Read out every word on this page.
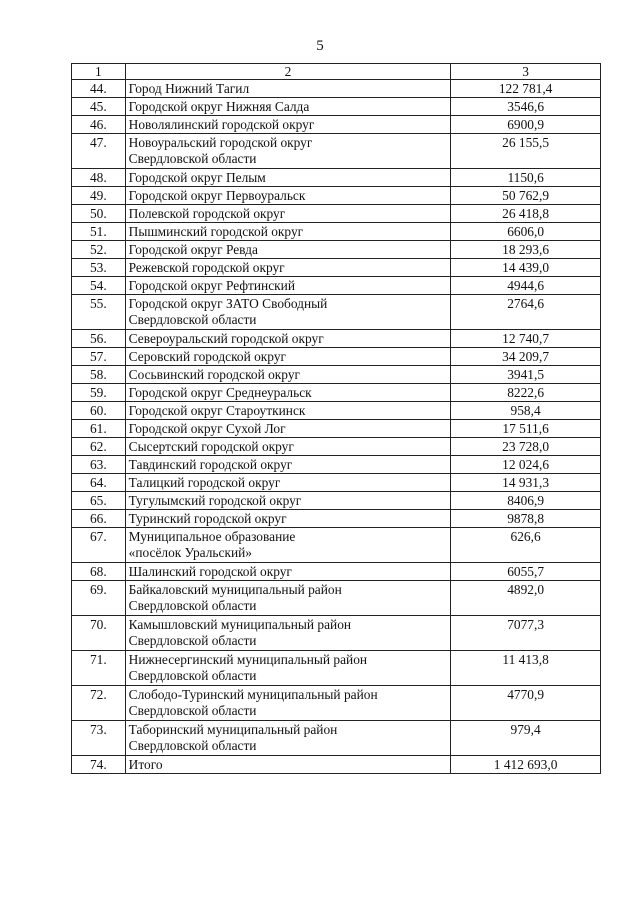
5
1	2	3
44.	Город Нижний Тагил	122 781,4
45.	Городской округ Нижняя Салда	3546,6
46.	Новолялинский городской округ	6900,9
47.	Новоуральский городской округ
Свердловской области	26 155,5
48.	Городской округ Пелым	1150,6
49.	Городской округ Первоуральск	50 762,9
50.	Полевской городской округ	26 418,8
51.	Пышминский городской округ	6606,0
52.	Городской округ Ревда	18 293,6
53.	Режевской городской округ	14 439,0
54.	Городской округ Рефтинский	4944,6
55.	Городской округ ЗАТО Свободный
Свердловской области	2764,6
56.	Североуральский городской округ	12 740,7
57.	Серовский городской округ	34 209,7
58.	Сосьвинский городской округ	3941,5
59.	Городской округ Среднеуральск	8222,6
60.	Городской округ Староуткинск	958,4
61.	Городской округ Сухой Лог	17 511,6
62.	Сысертский городской округ	23 728,0
63.	Тавдинский городской округ	12 024,6
64.	Талицкий городской округ	14 931,3
65.	Тугулымский городской округ	8406,9
66.	Туринский городской округ	9878,8
67.	Муниципальное образование
«посёлок Уральский»	626,6
68.	Шалинский городской округ	6055,7
69.	Байкаловский муниципальный район
Свердловской области	4892,0
70.	Камышловский муниципальный район
Свердловской области	7077,3
71.	Нижнесергинский муниципальный район
Свердловской области	11 413,8
72.	Слободо-Туринский муниципальный район
Свердловской области	4770,9
73.	Таборинский муниципальный район
Свердловской области	979,4
74.	Итого	1 412 693,0
